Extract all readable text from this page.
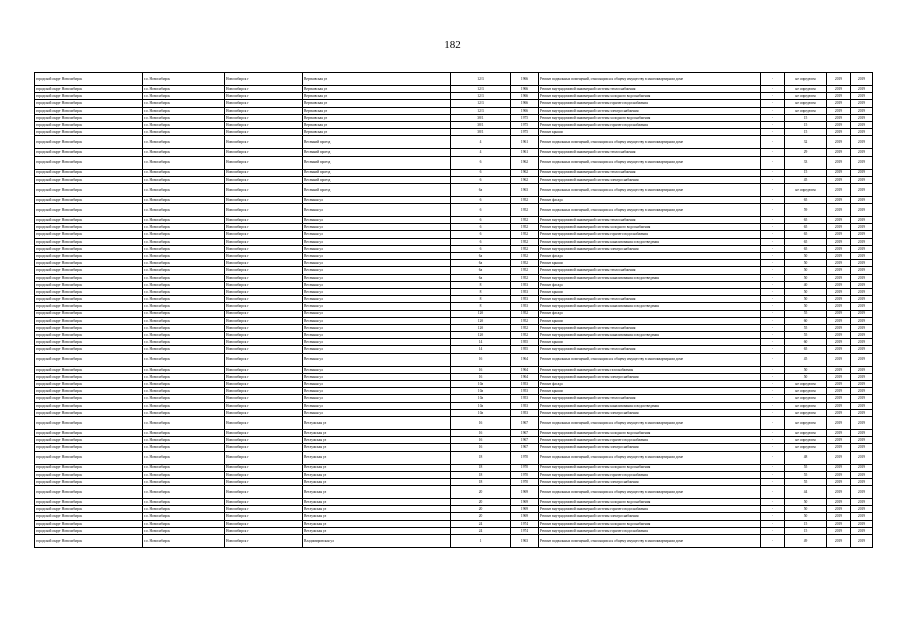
182
городской округ Новосибирск	г.о. Новосибирск	Новосибирск г	Вертковская ул	12/3	1966	Ремонт подвальных помещений, относящихся к общему имуществу в многоквартирном доме	-	не определен	2019	2019
городской округ Новосибирск	г.о. Новосибирск	Новосибирск г	Вертковская ул	12/3	1966	Ремонт внутридомовой инженерной системы теплоснабжения	-	не определен	2019	2019
городской округ Новосибирск	г.о. Новосибирск	Новосибирск г	Вертковская ул	12/3	1966	Ремонт внутридомовой инженерной системы холодного водоснабжения	-	не определен	2019	2019
городской округ Новосибирск	г.о. Новосибирск	Новосибирск г	Вертковская ул	12/3	1966	Ремонт внутридомовой инженерной системы горячего водоснабжения	-	не определен	2019	2019
городской округ Новосибирск	г.о. Новосибирск	Новосибирск г	Вертковская ул	12/3	1966	Ремонт внутридомовой инженерной системы электроснабжения	-	не определен	2019	2019
городской округ Новосибирск	г.о. Новосибирск	Новосибирск г	Вертковская ул	38/1	1975	Ремонт внутридомовой инженерной системы холодного водоснабжения	-	15	2019	2019
городской округ Новосибирск	г.о. Новосибирск	Новосибирск г	Вертковская ул	38/1	1975	Ремонт внутридомовой инженерной системы горячего водоснабжения	-	15	2019	2019
городской округ Новосибирск	г.о. Новосибирск	Новосибирск г	Вертковская ул	38/1	1975	Ремонт крыши	-	15	2019	2019
городской округ Новосибирск	г.о. Новосибирск	Новосибирск г	Весенний проезд	4	1961	Ремонт подвальных помещений, относящихся к общему имуществу в многоквартирном доме	-	32	2019	2019
городской округ Новосибирск	г.о. Новосибирск	Новосибирск г	Весенний проезд	4	1961	Ремонт внутридомовой инженерной системы теплоснабжения	-	29	2019	2019
городской округ Новосибирск	г.о. Новосибирск	Новосибирск г	Весенний проезд	6	1962	Ремонт подвальных помещений, относящихся к общему имуществу в многоквартирном доме	-	33	2019	2019
городской округ Новосибирск	г.о. Новосибирск	Новосибирск г	Весенний проезд	6	1962	Ремонт внутридомовой инженерной системы теплоснабжения	-	15	2019	2019
городской округ Новосибирск	г.о. Новосибирск	Новосибирск г	Весенний проезд	6	1962	Ремонт внутридомовой инженерной системы электроснабжения	-	45	2019	2019
городской округ Новосибирск	г.о. Новосибирск	Новосибирск г	Весенний проезд	6а	1963	Ремонт подвальных помещений, относящихся к общему имуществу в многоквартирном доме	-	не определен	2019	2019
городской округ Новосибирск	г.о. Новосибирск	Новосибирск г	Весенняя ул	6	1952	Ремонт фасада	-	65	2019	2019
городской округ Новосибирск	г.о. Новосибирск	Новосибирск г	Весенняя ул	6	1952	Ремонт подвальных помещений, относящихся к общему имуществу в многоквартирном доме	-	59	2019	2019
городской округ Новосибирск	г.о. Новосибирск	Новосибирск г	Весенняя ул	6	1952	Ремонт внутридомовой инженерной системы теплоснабжения	-	65	2019	2019
городской округ Новосибирск	г.о. Новосибирск	Новосибирск г	Весенняя ул	6	1952	Ремонт внутридомовой инженерной системы холодного водоснабжения	-	65	2019	2019
городской округ Новосибирск	г.о. Новосибирск	Новосибирск г	Весенняя ул	6	1952	Ремонт внутридомовой инженерной системы горячего водоснабжения	-	65	2019	2019
городской округ Новосибирск	г.о. Новосибирск	Новосибирск г	Весенняя ул	6	1952	Ремонт внутридомовой инженерной системы канализования и водоотведения	-	65	2019	2019
городской округ Новосибирск	г.о. Новосибирск	Новосибирск г	Весенняя ул	6	1952	Ремонт внутридомовой инженерной системы электроснабжения	-	65	2019	2019
городской округ Новосибирск	г.о. Новосибирск	Новосибирск г	Весенняя ул	6а	1952	Ремонт фасада	-	50	2019	2019
городской округ Новосибирск	г.о. Новосибирск	Новосибирск г	Весенняя ул	6а	1952	Ремонт крыши	-	50	2019	2019
городской округ Новосибирск	г.о. Новосибирск	Новосибирск г	Весенняя ул	6а	1952	Ремонт внутридомовой инженерной системы теплоснабжения	-	50	2019	2019
городской округ Новосибирск	г.о. Новосибирск	Новосибирск г	Весенняя ул	6а	1952	Ремонт внутридомовой инженерной системы канализования и водоотведения	-	50	2019	2019
городской округ Новосибирск	г.о. Новосибирск	Новосибирск г	Весенняя ул	8	1953	Ремонт фасада	-	40	2019	2019
городской округ Новосибирск	г.о. Новосибирск	Новосибирск г	Весенняя ул	8	1953	Ремонт крыши	-	50	2019	2019
городской округ Новосибирск	г.о. Новосибирск	Новосибирск г	Весенняя ул	8	1953	Ремонт внутридомовой инженерной системы теплоснабжения	-	50	2019	2019
городской округ Новосибирск	г.о. Новосибирск	Новосибирск г	Весенняя ул	8	1953	Ремонт внутридомовой инженерной системы канализования и водоотведения	-	50	2019	2019
городской округ Новосибирск	г.о. Новосибирск	Новосибирск г	Весенняя ул	12б	1952	Ремонт фасада	-	55	2019	2019
городской округ Новосибирск	г.о. Новосибирск	Новосибирск г	Весенняя ул	12б	1952	Ремонт крыши	-	60	2019	2019
городской округ Новосибирск	г.о. Новосибирск	Новосибирск г	Весенняя ул	12б	1952	Ремонт внутридомовой инженерной системы теплоснабжения	-	55	2019	2019
городской округ Новосибирск	г.о. Новосибирск	Новосибирск г	Весенняя ул	12б	1952	Ремонт внутридомовой инженерной системы канализования и водоотведения	-	55	2019	2019
городской округ Новосибирск	г.о. Новосибирск	Новосибирск г	Весенняя ул	14	1955	Ремонт крыши	-	60	2019	2019
городской округ Новосибирск	г.о. Новосибирск	Новосибирск г	Весенняя ул	14	1955	Ремонт внутридомовой инженерной системы теплоснабжения	-	65	2019	2019
городской округ Новосибирск	г.о. Новосибирск	Новосибирск г	Весенняя ул	16	1964	Ремонт подвальных помещений, относящихся к общему имуществу в многоквартирном доме	-	45	2019	2019
городской округ Новосибирск	г.о. Новосибирск	Новосибирск г	Весенняя ул	16	1964	Ремонт внутридомовой инженерной системы газоснабжения	-	50	2019	2019
городской округ Новосибирск	г.о. Новосибирск	Новосибирск г	Весенняя ул	16	1964	Ремонт внутридомовой инженерной системы электроснабжения	-	50	2019	2019
городской округ Новосибирск	г.о. Новосибирск	Новосибирск г	Весенняя ул	10а	1953	Ремонт фасада	-	не определен	2019	2019
городской округ Новосибирск	г.о. Новосибирск	Новосибирск г	Весенняя ул	10а	1953	Ремонт крыши	-	не определен	2019	2019
городской округ Новосибирск	г.о. Новосибирск	Новосибирск г	Весенняя ул	10а	1953	Ремонт внутридомовой инженерной системы теплоснабжения	-	не определен	2019	2019
городской округ Новосибирск	г.о. Новосибирск	Новосибирск г	Весенняя ул	10а	1953	Ремонт внутридомовой инженерной системы канализования и водоотведения	-	не определен	2019	2019
городской округ Новосибирск	г.о. Новосибирск	Новосибирск г	Весенняя ул	10а	1953	Ремонт внутридомовой инженерной системы электроснабжения	-	не определен	2019	2019
городской округ Новосибирск	г.о. Новосибирск	Новосибирск г	Ветлужская ул	16	1967	Ремонт подвальных помещений, относящихся к общему имуществу в многоквартирном доме	-	не определен	2019	2019
городской округ Новосибирск	г.о. Новосибирск	Новосибирск г	Ветлужская ул	16	1967	Ремонт внутридомовой инженерной системы холодного водоснабжения	-	не определен	2019	2019
городской округ Новосибирск	г.о. Новосибирск	Новосибирск г	Ветлужская ул	16	1967	Ремонт внутридомовой инженерной системы горячего водоснабжения	-	не определен	2019	2019
городской округ Новосибирск	г.о. Новосибирск	Новосибирск г	Ветлужская ул	16	1967	Ремонт внутридомовой инженерной системы электроснабжения	-	не определен	2019	2019
городской округ Новосибирск	г.о. Новосибирск	Новосибирск г	Ветлужская ул	18	1970	Ремонт подвальных помещений, относящихся к общему имуществу в многоквартирном доме	-	48	2019	2019
городской округ Новосибирск	г.о. Новосибирск	Новосибирск г	Ветлужская ул	18	1970	Ремонт внутридомовой инженерной системы холодного водоснабжения	-	55	2019	2019
городской округ Новосибирск	г.о. Новосибирск	Новосибирск г	Ветлужская ул	18	1970	Ремонт внутридомовой инженерной системы горячего водоснабжения	-	55	2019	2019
городской округ Новосибирск	г.о. Новосибирск	Новосибирск г	Ветлужская ул	18	1970	Ремонт внутридомовой инженерной системы электроснабжения	-	55	2019	2019
городской округ Новосибирск	г.о. Новосибирск	Новосибирск г	Ветлужская ул	20	1969	Ремонт подвальных помещений, относящихся к общему имуществу в многоквартирном доме	-	44	2019	2019
городской округ Новосибирск	г.о. Новосибирск	Новосибирск г	Ветлужская ул	20	1969	Ремонт внутридомовой инженерной системы холодного водоснабжения	-	50	2019	2019
городской округ Новосибирск	г.о. Новосибирск	Новосибирск г	Ветлужская ул	20	1969	Ремонт внутридомовой инженерной системы горячего водоснабжения	-	50	2019	2019
городской округ Новосибирск	г.о. Новосибирск	Новосибирск г	Ветлужская ул	20	1969	Ремонт внутридомовой инженерной системы электроснабжения	-	50	2019	2019
городской округ Новосибирск	г.о. Новосибирск	Новосибирск г	Ветлужская ул	24	1974	Ремонт внутридомовой инженерной системы холодного водоснабжения	-	15	2019	2019
городской округ Новосибирск	г.о. Новосибирск	Новосибирск г	Ветлужская ул	24	1974	Ремонт внутридомовой инженерной системы горячего водоснабжения	-	15	2019	2019
городской округ Новосибирск	г.о. Новосибирск	Новосибирск г	Владимировская ул	1	1963	Ремонт подвальных помещений, относящихся к общему имуществу в многоквартирном доме	-	49	2019	2019
